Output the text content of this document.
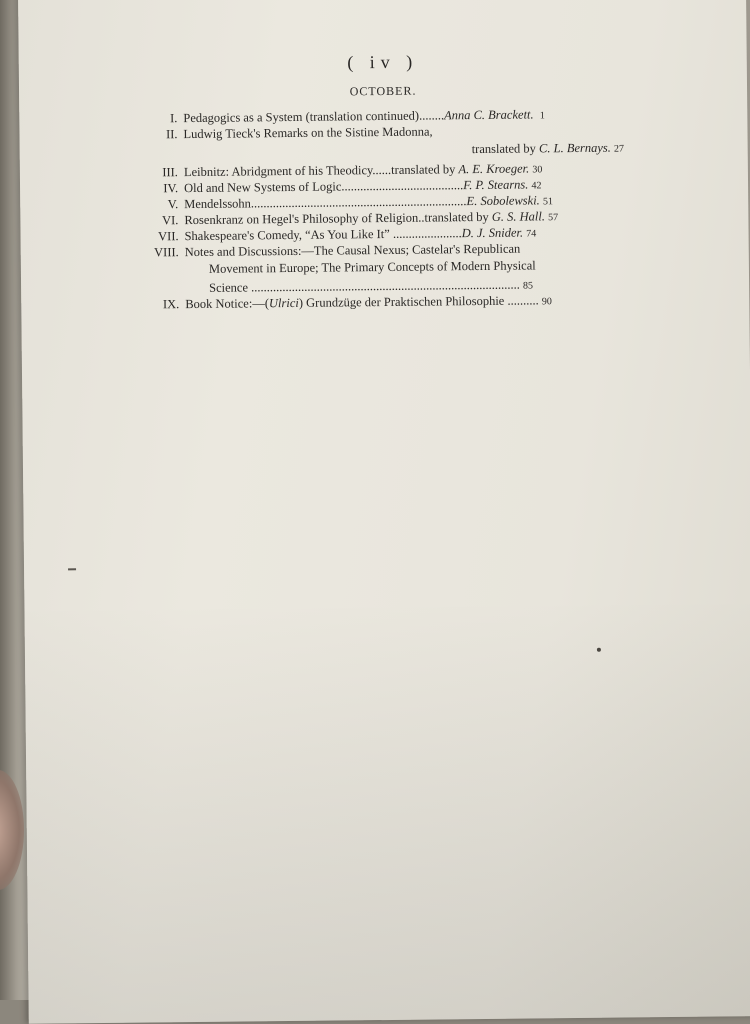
( iv )
OCTOBER.
I. Pedagogics as a System (translation continued)........Anna C. Brackett. 1
II. Ludwig Tieck's Remarks on the Sistine Madonna,
translated by C. L. Bernays. 27
III. Leibnitz: Abridgment of his Theodicy......translated by A. E. Kroeger. 30
IV. Old and New Systems of Logic.......................................F. P. Stearns. 42
V. Mendelssohn.....................................................................E. Sobolewski. 51
VI. Rosenkranz on Hegel's Philosophy of Religion..translated by G. S. Hall. 57
VII. Shakespeare's Comedy, “As You Like It” ......................D. J. Snider. 74
VIII. Notes and Discussions:—The Causal Nexus; Castelar's Republican
Movement in Europe; The Primary Concepts of Modern Physical
Science ...................................................................................... 85
IX. Book Notice:—(Ulrici) Grundzüge der Praktischen Philosophie .......... 90
